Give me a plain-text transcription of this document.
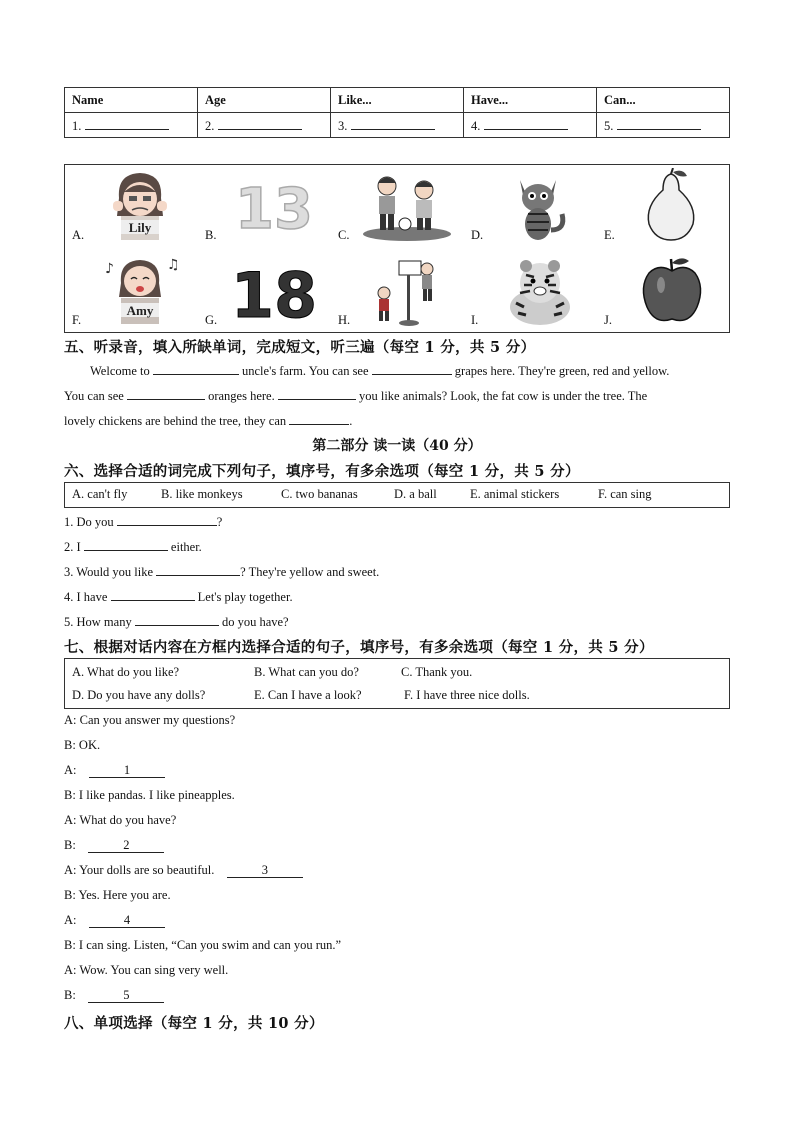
Name	Age	Like...	Have...	Can...
1.	2.	3.	4.	5.
Lily
A.	13
B.	C.	D.	E.
Amy
♪	♫
F. 18
G.	H.	I.	J.
五、听录音，填入所缺单词，完成短文，听三遍（每空 1 分，共 5 分）
Welcome to	uncle's farm. You can see	grapes here. They're green, red and yellow.
You can see	oranges here.	you like animals? Look, the fat cow is under the tree. The
lovely chickens are behind the tree, they can	.
第二部分 读一读（40 分）
六、选择合适的词完成下列句子，填序号，有多余选项（每空 1 分，共 5 分）
A. can't fly	B. like monkeys	C. two bananas	D. a ball	E. animal stickers	F. can sing
1. Do you	?
2. I	either.
3. Would you like	? They're yellow and sweet.
4. I have	Let's play together.
5. How many	do you have?
七、根据对话内容在方框内选择合适的句子，填序号，有多余选项（每空 1 分，共 5 分）
A. What do you like?	B. What can you do?	C. Thank you.
D. Do you have any dolls?	E. Can I have a look?	F. I have three nice dolls.
A: Can you answer my questions?
B: OK.
A:	1
B: I like pandas. I like pineapples.
A: What do you have?
B:	2
A: Your dolls are so beautiful.	3
B: Yes. Here you are.
A:	4
B: I can sing. Listen, “Can you swim and can you run.”
A: Wow. You can sing very well.
B:	5
八、单项选择（每空 1 分，共 10 分）
